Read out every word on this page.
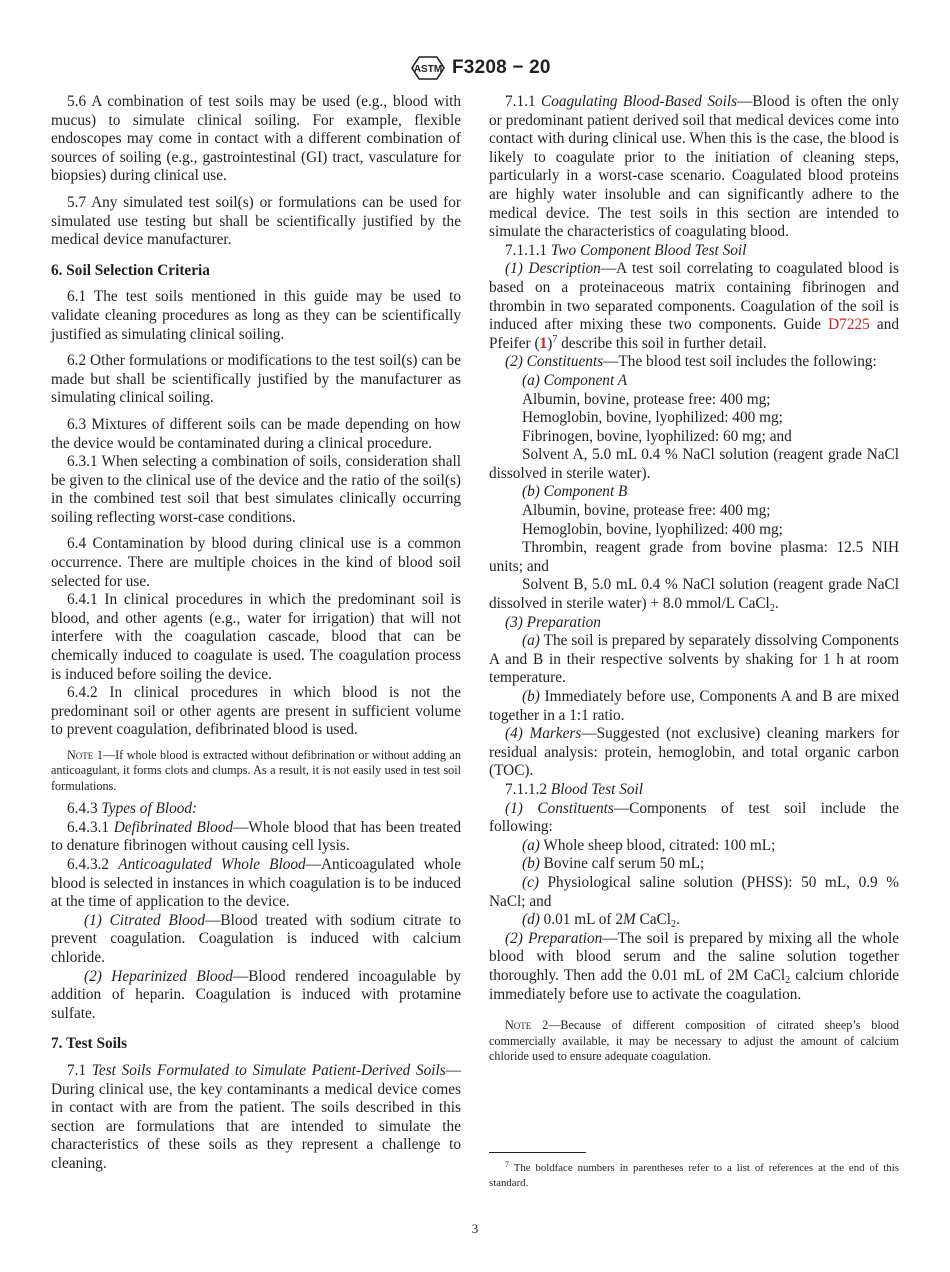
ASTM F3208 − 20

5.6 A combination of test soils may be used (e.g., blood with mucus) to simulate clinical soiling. For example, flexible endoscopes may come in contact with a different combination of sources of soiling (e.g., gastrointestinal (GI) tract, vasculature for biopsies) during clinical use.

5.7 Any simulated test soil(s) or formulations can be used for simulated use testing but shall be scientifically justified by the medical device manufacturer.

6. Soil Selection Criteria

6.1 The test soils mentioned in this guide may be used to validate cleaning procedures as long as they can be scientifically justified as simulating clinical soiling.

6.2 Other formulations or modifications to the test soil(s) can be made but shall be scientifically justified by the manufacturer as simulating clinical soiling.

6.3 Mixtures of different soils can be made depending on how the device would be contaminated during a clinical procedure.

6.3.1 When selecting a combination of soils, consideration shall be given to the clinical use of the device and the ratio of the soil(s) in the combined test soil that best simulates clinically occurring soiling reflecting worst-case conditions.

6.4 Contamination by blood during clinical use is a common occurrence. There are multiple choices in the kind of blood soil selected for use.

6.4.1 In clinical procedures in which the predominant soil is blood, and other agents (e.g., water for irrigation) that will not interfere with the coagulation cascade, blood that can be chemically induced to coagulate is used. The coagulation process is induced before soiling the device.

6.4.2 In clinical procedures in which blood is not the predominant soil or other agents are present in sufficient volume to prevent coagulation, defibrinated blood is used.

Note 1—If whole blood is extracted without defibrination or without adding an anticoagulant, it forms clots and clumps. As a result, it is not easily used in test soil formulations.

6.4.3 Types of Blood:

6.4.3.1 Defibrinated Blood—Whole blood that has been treated to denature fibrinogen without causing cell lysis.

6.4.3.2 Anticoagulated Whole Blood—Anticoagulated whole blood is selected in instances in which coagulation is to be induced at the time of application to the device.

(1) Citrated Blood—Blood treated with sodium citrate to prevent coagulation. Coagulation is induced with calcium chloride.

(2) Heparinized Blood—Blood rendered incoagulable by addition of heparin. Coagulation is induced with protamine sulfate.

7. Test Soils

7.1 Test Soils Formulated to Simulate Patient-Derived Soils—During clinical use, the key contaminants a medical device comes in contact with are from the patient. The soils described in this section are formulations that are intended to simulate the characteristics of these soils as they represent a challenge to cleaning.

7.1.1 Coagulating Blood-Based Soils—Blood is often the only or predominant patient derived soil that medical devices come into contact with during clinical use. When this is the case, the blood is likely to coagulate prior to the initiation of cleaning steps, particularly in a worst-case scenario. Coagulated blood proteins are highly water insoluble and can significantly adhere to the medical device. The test soils in this section are intended to simulate the characteristics of coagulating blood.

7.1.1.1 Two Component Blood Test Soil

(1) Description—A test soil correlating to coagulated blood is based on a proteinaceous matrix containing fibrinogen and thrombin in two separated components. Coagulation of the soil is induced after mixing these two components. Guide D7225 and Pfeifer $(1)^7$ describe this soil in further detail.

(2) Constituents—The blood test soil includes the following:

(a) Component A

Albumin, bovine, protease free: 400 mg;

Hemoglobin, bovine, lyophilized: 400 mg;

Fibrinogen, bovine, lyophilized: 60 mg; and

Solvent A, 5.0 mL 0.4 % NaCl solution (reagent grade NaCl dissolved in sterile water).

(b) Component B

Albumin, bovine, protease free: 400 mg;

Hemoglobin, bovine, lyophilized: 400 mg;

Thrombin, reagent grade from bovine plasma: 12.5 NIH units; and

Solvent B, 5.0 mL 0.4 % NaCl solution (reagent grade NaCl dissolved in sterile water) + 8.0 mmol/L CaCl$_2$.

(3) Preparation

(a) The soil is prepared by separately dissolving Components A and B in their respective solvents by shaking for 1 h at room temperature.

(b) Immediately before use, Components A and B are mixed together in a 1:1 ratio.

(4) Markers—Suggested (not exclusive) cleaning markers for residual analysis: protein, hemoglobin, and total organic carbon (TOC).

7.1.1.2 Blood Test Soil

(1) Constituents—Components of test soil include the following:

(a) Whole sheep blood, citrated: 100 mL;

(b) Bovine calf serum 50 mL;

(c) Physiological saline solution (PHSS): 50 mL, 0.9 % NaCl; and

(d) 0.01 mL of 2M CaCl$_2$.

(2) Preparation—The soil is prepared by mixing all the whole blood with blood serum and the saline solution together thoroughly. Then add the 0.01 mL of 2M CaCl$_2$ calcium chloride immediately before use to activate the coagulation.

Note 2—Because of different composition of citrated sheep’s blood commercially available, it may be necessary to adjust the amount of calcium chloride used to ensure adequate coagulation.

$^7$ The boldface numbers in parentheses refer to a list of references at the end of this standard.

3
